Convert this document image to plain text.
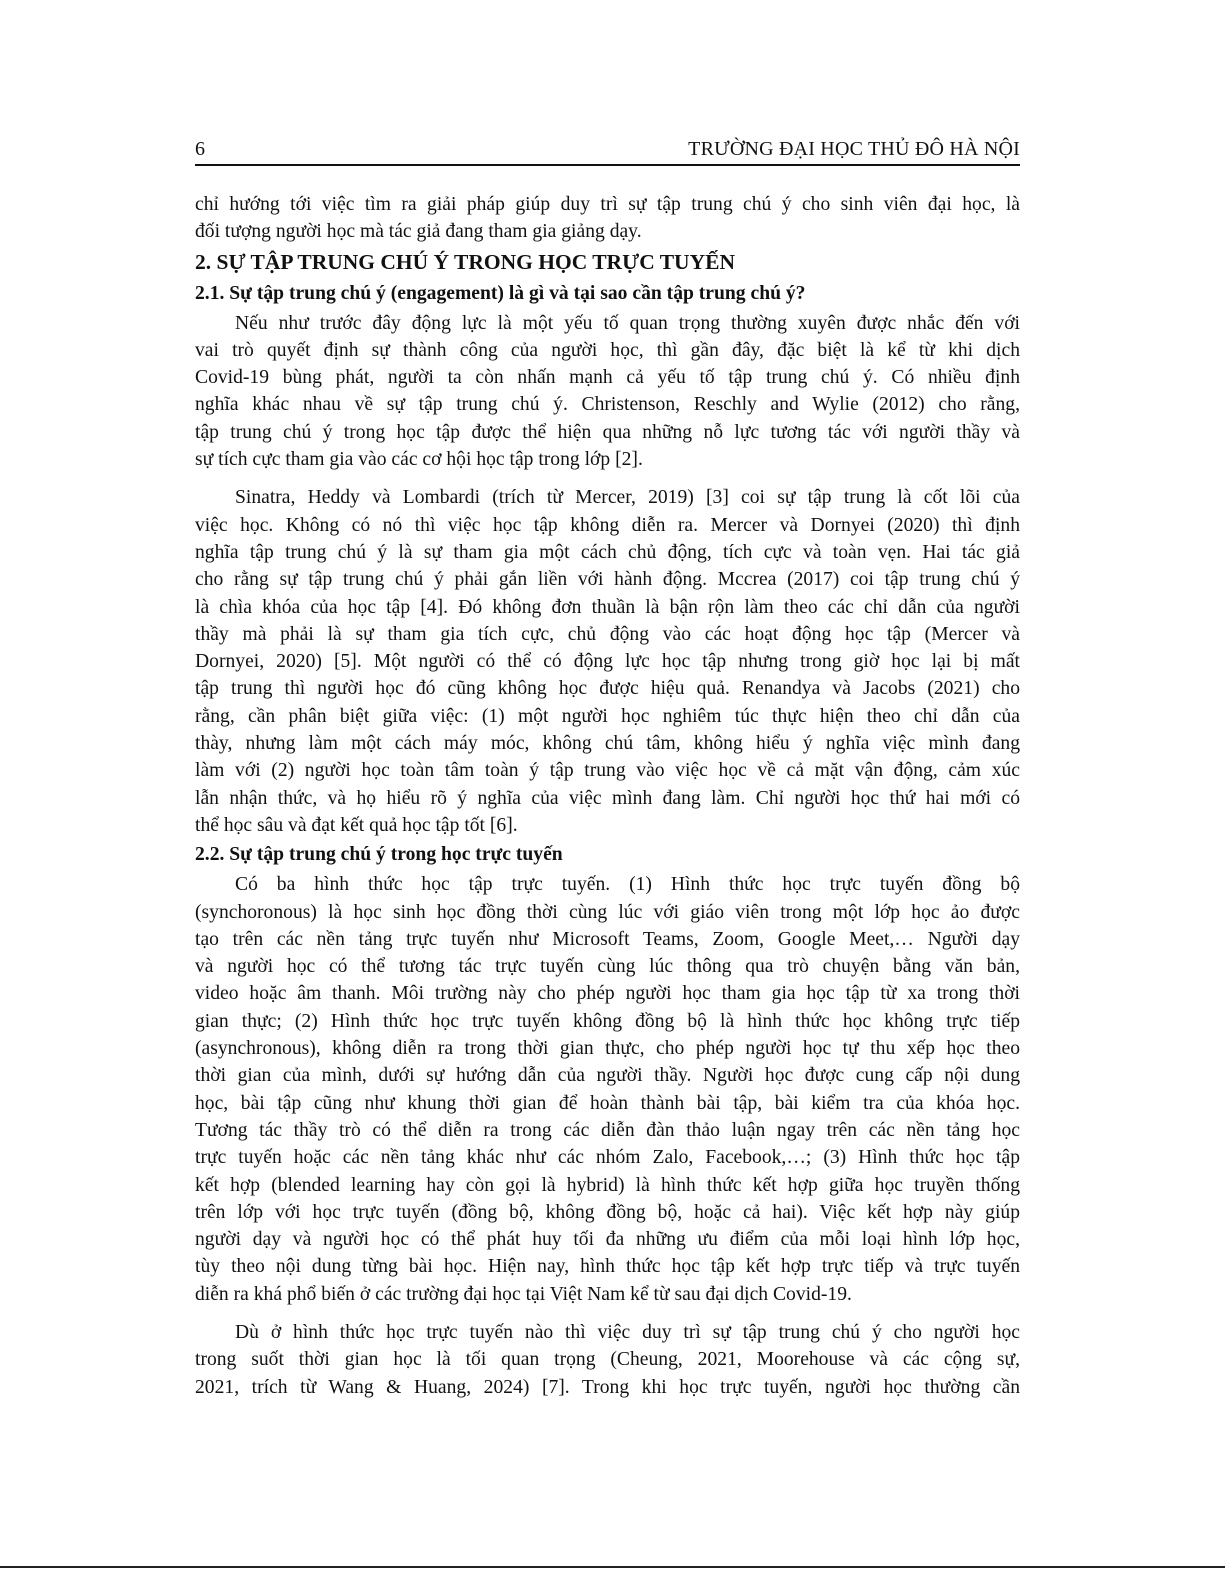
6	TRƯỜNG ĐẠI HỌC THỦ ĐÔ HÀ NỘI
chỉ hướng tới việc tìm ra giải pháp giúp duy trì sự tập trung chú ý cho sinh viên đại học, là
đối tượng người học mà tác giả đang tham gia giảng dạy.
2. SỰ TẬP TRUNG CHÚ Ý TRONG HỌC TRỰC TUYẾN
2.1. Sự tập trung chú ý (engagement) là gì và tại sao cần tập trung chú ý?
Nếu như trước đây động lực là một yếu tố quan trọng thường xuyên được nhắc đến với
vai trò quyết định sự thành công của người học, thì gần đây, đặc biệt là kể từ khi dịch
Covid-19 bùng phát, người ta còn nhấn mạnh cả yếu tố tập trung chú ý. Có nhiều định
nghĩa khác nhau về sự tập trung chú ý. Christenson, Reschly and Wylie (2012) cho rằng,
tập trung chú ý trong học tập được thể hiện qua những nỗ lực tương tác với người thầy và
sự tích cực tham gia vào các cơ hội học tập trong lớp [2].
Sinatra, Heddy và Lombardi (trích từ Mercer, 2019) [3] coi sự tập trung là cốt lõi của
việc học. Không có nó thì việc học tập không diễn ra. Mercer và Dornyei (2020) thì định
nghĩa tập trung chú ý là sự tham gia một cách chủ động, tích cực và toàn vẹn. Hai tác giả
cho rằng sự tập trung chú ý phải gắn liền với hành động. Mccrea (2017) coi tập trung chú ý
là chìa khóa của học tập [4]. Đó không đơn thuần là bận rộn làm theo các chỉ dẫn của người
thầy mà phải là sự tham gia tích cực, chủ động vào các hoạt động học tập (Mercer và
Dornyei, 2020) [5]. Một người có thể có động lực học tập nhưng trong giờ học lại bị mất
tập trung thì người học đó cũng không học được hiệu quả. Renandya và Jacobs (2021) cho
rằng, cần phân biệt giữa việc: (1) một người học nghiêm túc thực hiện theo chỉ dẫn của
thày, nhưng làm một cách máy móc, không chú tâm, không hiểu ý nghĩa việc mình đang
làm với (2) người học toàn tâm toàn ý tập trung vào việc học về cả mặt vận động, cảm xúc
lẫn nhận thức, và họ hiểu rõ ý nghĩa của việc mình đang làm. Chỉ người học thứ hai mới có
thể học sâu và đạt kết quả học tập tốt [6].
2.2. Sự tập trung chú ý trong học trực tuyến
Có ba hình thức học tập trực tuyến. (1) Hình thức học trực tuyến đồng bộ
(synchoronous) là học sinh học đồng thời cùng lúc với giáo viên trong một lớp học ảo được
tạo trên các nền tảng trực tuyến như Microsoft Teams, Zoom, Google Meet,… Người dạy
và người học có thể tương tác trực tuyến cùng lúc thông qua trò chuyện bằng văn bản,
video hoặc âm thanh. Môi trường này cho phép người học tham gia học tập từ xa trong thời
gian thực; (2) Hình thức học trực tuyến không đồng bộ là hình thức học không trực tiếp
(asynchronous), không diễn ra trong thời gian thực, cho phép người học tự thu xếp học theo
thời gian của mình, dưới sự hướng dẫn của người thầy. Người học được cung cấp nội dung
học, bài tập cũng như khung thời gian để hoàn thành bài tập, bài kiểm tra của khóa học.
Tương tác thầy trò có thể diễn ra trong các diễn đàn thảo luận ngay trên các nền tảng học
trực tuyến hoặc các nền tảng khác như các nhóm Zalo, Facebook,…; (3) Hình thức học tập
kết hợp (blended learning hay còn gọi là hybrid) là hình thức kết hợp giữa học truyền thống
trên lớp với học trực tuyến (đồng bộ, không đồng bộ, hoặc cả hai). Việc kết hợp này giúp
người dạy và người học có thể phát huy tối đa những ưu điểm của mỗi loại hình lớp học,
tùy theo nội dung từng bài học. Hiện nay, hình thức học tập kết hợp trực tiếp và trực tuyến
diễn ra khá phổ biến ở các trường đại học tại Việt Nam kể từ sau đại dịch Covid-19.
Dù ở hình thức học trực tuyến nào thì việc duy trì sự tập trung chú ý cho người học
trong suốt thời gian học là tối quan trọng (Cheung, 2021, Moorehouse và các cộng sự,
2021, trích từ Wang & Huang, 2024) [7]. Trong khi học trực tuyến, người học thường cần
